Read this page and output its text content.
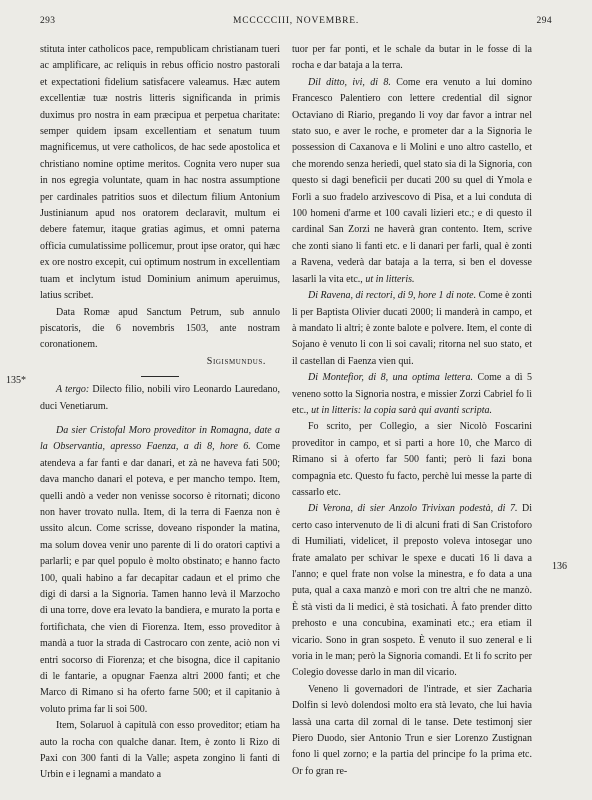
293	MCCCCCIII, NOVEMBRE.	294
135*
136

stituta inter catholicos pace, rempublicam christianam tueri ac amplificare, ac reliquis in rebus officio nostro pastorali et expectationi fidelium satisfacere valeamus. Hæc autem excellentiæ tuæ nostris litteris significanda in primis duximus pro nostra in eam præcipua et perpetua charitate: semper quidem ipsam excellentiam et senatum tuum magnificemus, ut vere catholicos, de hac sede apostolica et christiano nomine optime meritos. Cognita vero nuper sua in nos egregia voluntate, quam in hac nostra assumptione per cardinales patritios suos et dilectum filium Antonium Justinianum apud nos oratorem declaravit, multum ei debere fatemur, itaque gratias agimus, et omni paterna officia cumulatissime pollicemur, prout ipse orator, qui hæc ex ore nostro excepit, cui optimum nostrum in excellentiam tuam et inclytum istud Dominium animum aperuimus, latius scribet.

Data Romæ apud Sanctum Petrum, sub annulo piscatoris, die 6 novembris 1503, ante nostram coronationem.

Sigismundus.

A tergo: Dilecto filio, nobili viro Leonardo Lauredano, duci Venetiarum.

Da sier Cristofal Moro proveditor in Romagna, date a la Observantia, apresso Faenza, a dì 8, hore 6. Come atendeva a far fanti e dar danari, et zà ne haveva fati 500; dava mancho danari el poteva, e per mancho tempo. Item, quelli andò a veder non venisse socorso è ritornati; dicono non haver trovato nulla. Item, di la terra di Faenza non è ussito alcun. Come scrisse, doveano risponder la matina, ma solum dovea venir uno parente di li do oratori captivi a parlarli; e par quel populo è molto obstinato; e hanno facto 100, quali habino a far decapitar cadaun et el primo che digi di darsi a la Signoria. Tamen hanno levà il Marzocho di una torre, dove era levato la bandiera, e murato la porta e fortifichata, che vien di Fiorenza. Item, esso proveditor à mandà a tuor la strada di Castrocaro con zente, aciò non vi entri socorso di Fiorenza; et che bisogna, dice il capitanio di le fantarie, a opugnar Faenza altri 2000 fanti; et che Marco di Rimano si ha oferto farne 500; et il capitanio à voluto prima far li soi 500.

Item, Solaruol à capitulà con esso proveditor; etiam ha auto la rocha con qualche danar. Item, è zonto li Rizo di Paxi con 300 fanti di la Valle; aspeta zongino li fanti di Urbin e i legnami a mandato a

tuor per far ponti, et le schale da butar in le fosse di la rocha e dar bataja a la terra.

Dil ditto, ivi, di 8. Come era venuto a lui domino Francesco Palentiero con lettere credential dil signor Octaviano di Riario, pregando li voy dar favor a intrar nel stato suo, e aver le roche, e prometer dar a la Signoria le possession di Caxanova e li Molini e uno altro castello, et che morendo senza heriedi, quel stato sia di la Signoria, con questo si dagi beneficii per ducati 200 su quel di Ymola e Forlì a suo fradelo arzivescovo di Pisa, et a lui conduta di 100 homeni d'arme et 100 cavali lizieri etc.; e di questo il cardinal San Zorzi ne haverà gran contento. Item, scrive che zonti siano li fanti etc. e li danari per farli, qual è zonti a Ravena, vederà dar bataja a la terra, si ben el dovesse lasarli la vita etc., ut in litteris.

Di Ravena, di rectori, di 9, hore 1 di note. Come è zonti li per Baptista Olivier ducati 2000; li manderà in campo, et à mandato li altri; è zonte balote e polvere. Item, el conte di Sojano è venuto li con li soi cavali; ritorna nel suo stato, et il castellan di Faenza vien qui.

Di Montefior, di 8, una optima lettera. Come a dì 5 veneno sotto la Signoria nostra, e missier Zorzi Cabriel fo lì etc., ut in litteris: la copia sarà qui avanti scripta.

Fo scrito, per Collegio, a sier Nicolò Foscarini proveditor in campo, et si parti a hore 10, che Marco di Rimano si à oferto far 500 fanti; però li fazi bona compagnia etc. Questo fu facto, perchè lui messe la parte di cassarlo etc.

Di Verona, di sier Anzolo Trivixan podestà, di 7. Di certo caso intervenuto de li di alcuni frati di San Cristoforo di Humiliati, videlicet, il preposto voleva intosegar uno frate amalato per schivar le spexe e ducati 16 li dava a l'anno; e quel frate non volse la minestra, e fo data a una puta, qual a caxa manzò e morì con tre altri che ne manzò. È stà visti da li medici, è stà tosichati. À fato prender ditto prehosto e una concubina, examinati etc.; era etiam il vicario. Sono in gran sospeto. È venuto il suo zeneral e li voria in le man; però la Signoria comandi. Et li fo scrito per Colegio dovesse darlo in man dil vicario.

Veneno li governadori de l'intrade, et sier Zacharia Dolfin si levò dolendosi molto era stà levato, che lui havia lassà una carta dil zornal di le tanse. Dete testimonj sier Piero Duodo, sier Antonio Trun e sier Lorenzo Zustignan fono li quel zorno; e la partia del principe fo la prima etc. Or fo gran re-
